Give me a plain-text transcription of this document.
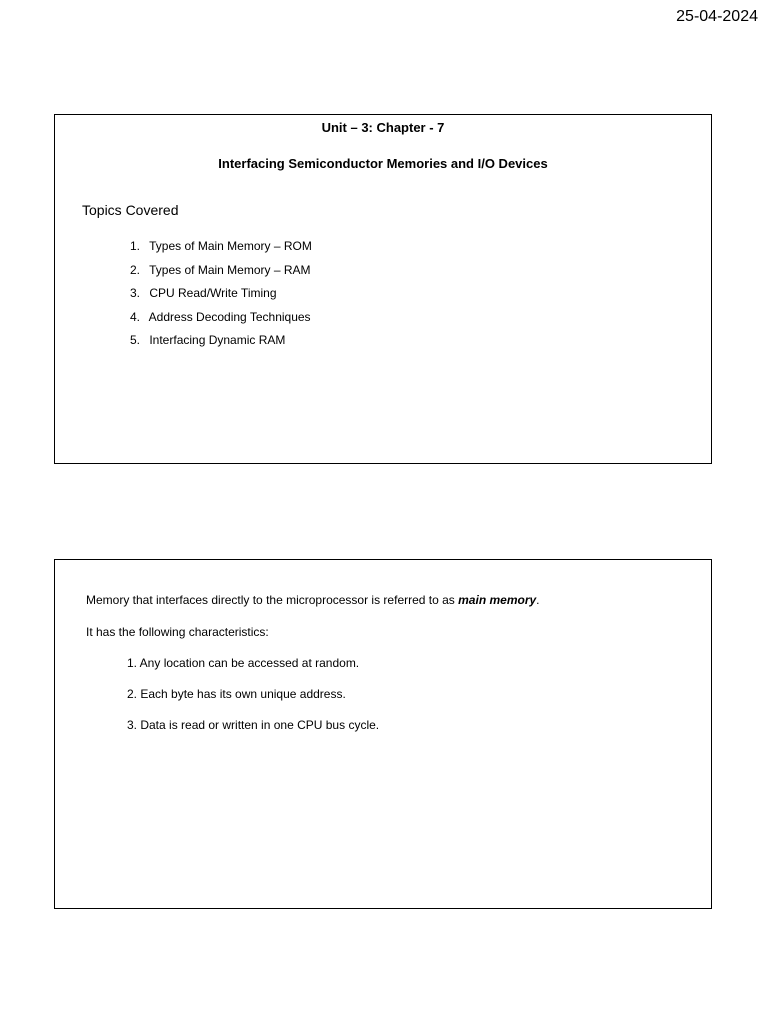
25-04-2024
Unit – 3: Chapter - 7
Interfacing Semiconductor Memories and I/O Devices
Topics Covered
1. Types of Main Memory – ROM
2. Types of Main Memory – RAM
3. CPU Read/Write Timing
4. Address Decoding Techniques
5. Interfacing Dynamic RAM
Memory that interfaces directly to the microprocessor is referred to as main memory.
It has the following characteristics:
1. Any location can be accessed at random.
2. Each byte has its own unique address.
3. Data is read or written in one CPU bus cycle.
